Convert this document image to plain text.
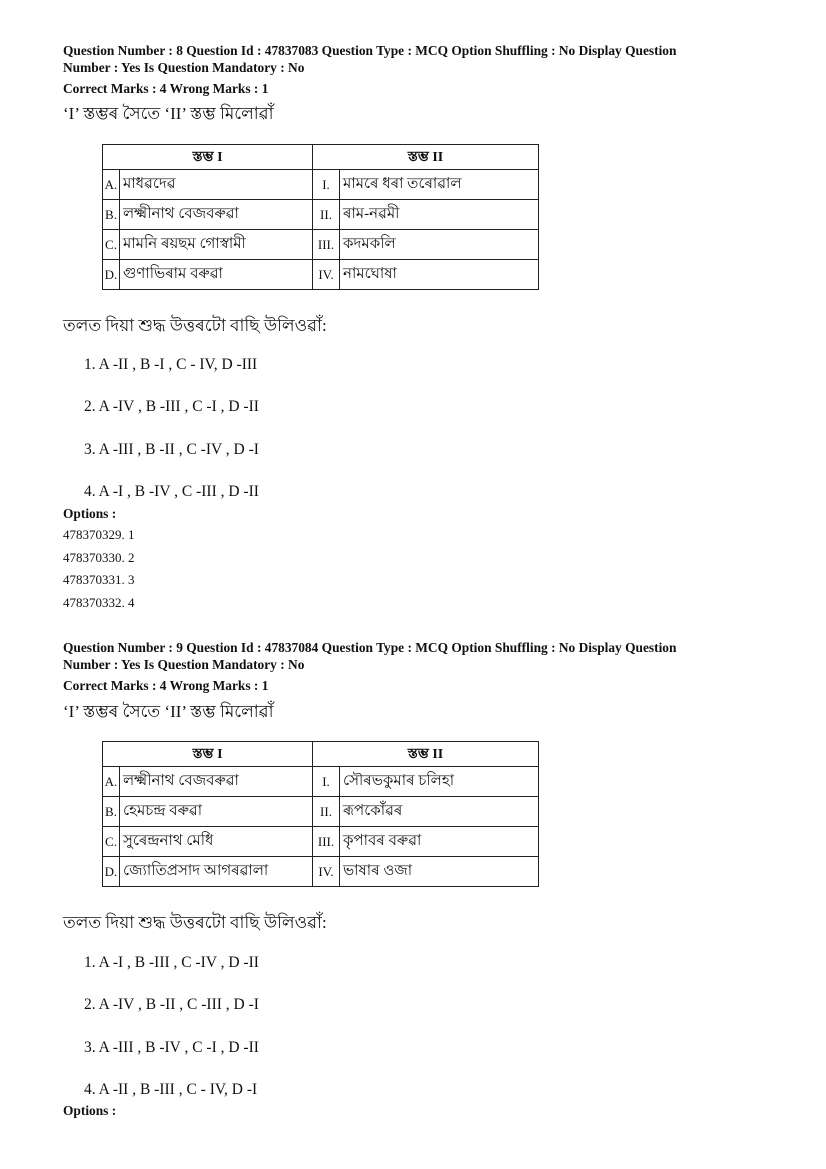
Question Number : 8 Question Id : 47837083 Question Type : MCQ Option Shuffling : No Display Question
Number : Yes Is Question Mandatory : No
Correct Marks : 4 Wrong Marks : 1
‘I’ স্তম্ভৰ সৈতে ‘II’ স্তম্ভ মিলোৱাঁ
স্তম্ভ I		স্তম্ভ II	
A.	মাধৱদেৱ	I.	মামৰে ধৰা তৰোৱাল
B.	লক্ষ্মীনাথ বেজবৰুৱা	II.	ৰাম-নৱমী
C.	মামনি ৰয়ছম গোস্বামী	III.	কদমকলি
D.	গুণাভিৰাম বৰুৱা	IV.	নামঘোষা
তলত দিয়া শুদ্ধ উত্তৰটো বাছি উলিওৱাঁ:
1. A -II , B -I , C - IV, D -III
2. A -IV , B -III , C -I , D -II
3. A -III , B -II , C -IV , D -I
4. A -I , B -IV , C -III , D -II
Options :
478370329. 1
478370330. 2
478370331. 3
478370332. 4
Question Number : 9 Question Id : 47837084 Question Type : MCQ Option Shuffling : No Display Question
Number : Yes Is Question Mandatory : No
Correct Marks : 4 Wrong Marks : 1
‘I’ স্তম্ভৰ সৈতে ‘II’ স্তম্ভ মিলোৱাঁ
স্তম্ভ I		স্তম্ভ II	
A.	লক্ষ্মীনাথ বেজবৰুৱা	I.	সৌৰভকুমাৰ চলিহা
B.	হেমচন্দ্র বৰুৱা	II.	ৰূপকোঁৱৰ
C.	সুৰেন্দ্রনাথ মেধি	III.	কৃপাবৰ বৰুৱা
D.	জ্যোতিপ্রসাদ আগৰৱালা	IV.	ভাষাৰ ওজা
তলত দিয়া শুদ্ধ উত্তৰটো বাছি উলিওৱাঁ:
1. A -I , B -III , C -IV , D -II
2. A -IV , B -II , C -III , D -I
3. A -III , B -IV , C -I , D -II
4. A -II , B -III , C - IV, D -I
Options :
